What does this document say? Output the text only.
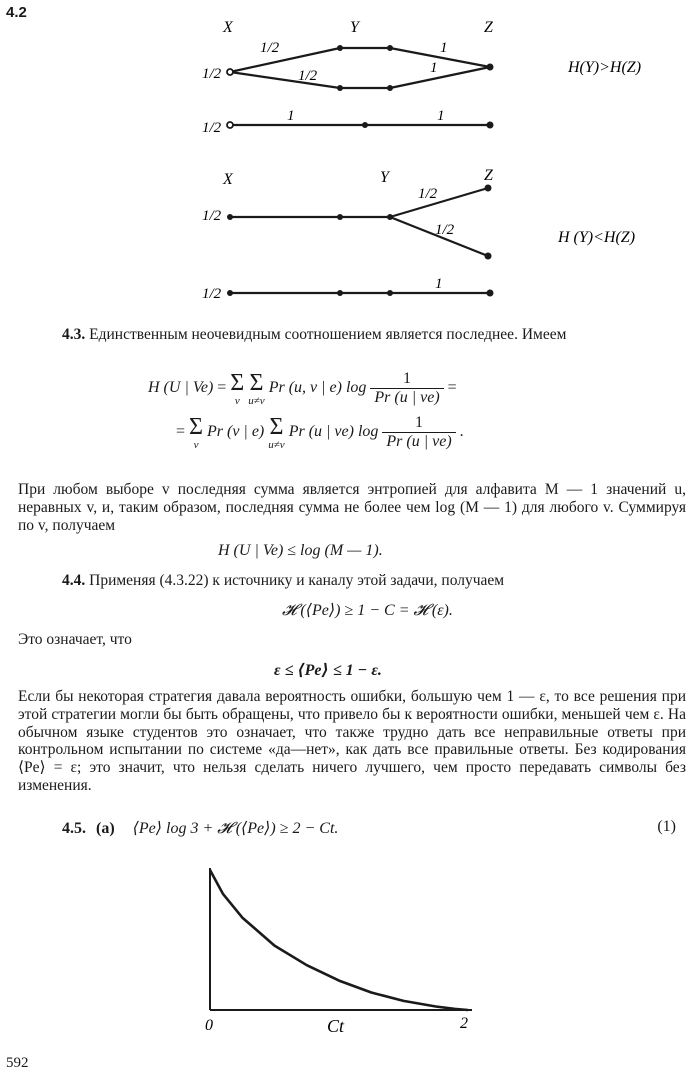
4.2
X	Y	Z
1/2	1
1/2	1
1/2
1/2
1	1
H(Y)>H(Z)
X	Y	Z
1/2
1/2
1/2
1/2
1
H (Y)<H(Z)
4.3. Единственным неочевидным соотношением является последнее. Имеем
H (U | Ve) = Σ
v

Σ
u≠v
Pr (u, v | e) $\log \frac{1}{Pr (u | ve)}$ =
= Σ
v
Pr (v | e) Σ
u≠v
Pr (u | ve) $\log \frac{1}{Pr (u | ve)}$ .
При любом выборе v последняя сумма является энтропией для алфавита M — 1 значений u, неравных v, и, таким образом, последняя сумма не более чем log (M — 1) для любого v. Суммируя по v, получаем
H (U | Ve) ≤ log (M — 1).
4.4. Применяя (4.3.22) к источнику и каналу этой задачи, получаем
𝓗 (⟨Pe⟩) ≥ 1 − C = 𝓗 (ε).
Это означает, что
ε ≤ ⟨Pe⟩ ≤ 1 − ε.
Если бы некоторая стратегия давала вероятность ошибки, большую чем 1 — ε, то все решения при этой стратегии могли бы быть обращены, что привело бы к вероятности ошибки, меньшей чем ε. На обычном языке студентов это означает, что также трудно дать все неправильные ответы при контрольном испытании по системе «да—нет», как дать все правильные ответы. Без кодирования ⟨Pe⟩ = ε; это значит, что нельзя сделать ничего лучшего, чем просто передавать символы без изменения.
4.5. (a) ⟨Pe⟩ log 3 + 𝓗 (⟨Pe⟩) ≥ 2 − Ct.	(1)
0	2
Ct
592
